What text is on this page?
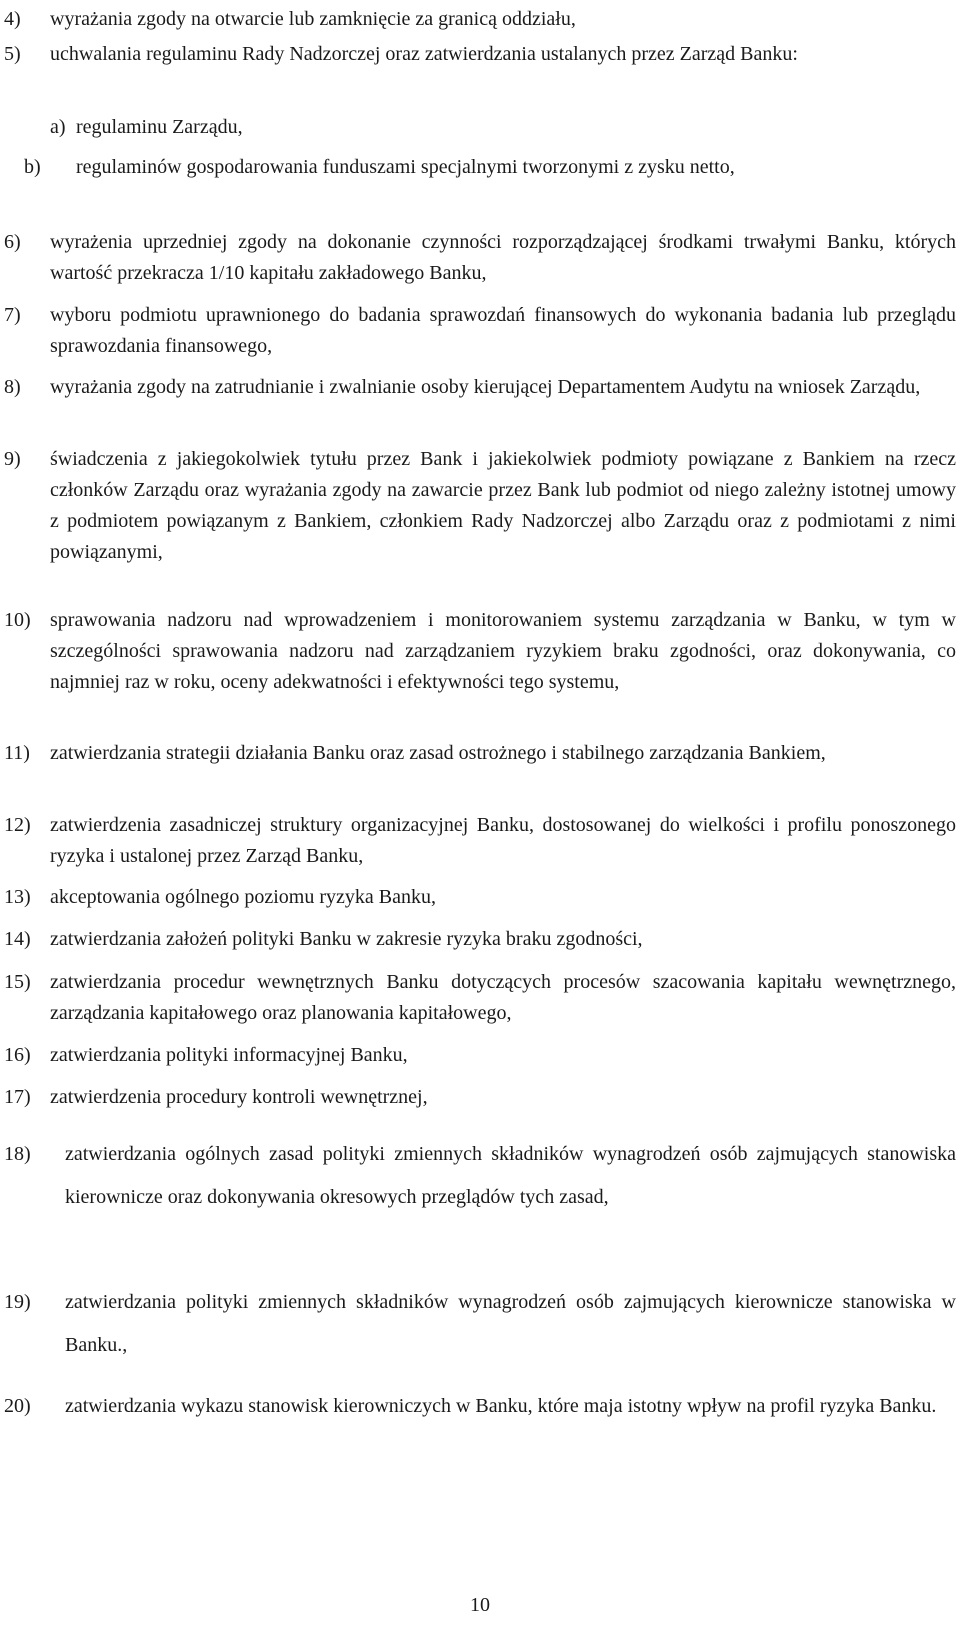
4) wyrażania zgody na otwarcie lub zamknięcie za granicą oddziału,
5) uchwalania regulaminu Rady Nadzorczej oraz zatwierdzania ustalanych przez Zarząd Banku:
a) regulaminu Zarządu,
b) regulaminów gospodarowania funduszami specjalnymi tworzonymi z zysku netto,
6) wyrażenia uprzedniej zgody na dokonanie czynności rozporządzającej środkami trwałymi Banku, których wartość przekracza 1/10 kapitału zakładowego Banku,
7) wyboru podmiotu uprawnionego do badania sprawozdań finansowych do wykonania badania lub przeglądu sprawozdania finansowego,
8) wyrażania zgody na zatrudnianie i zwalnianie osoby kierującej Departamentem Audytu na wniosek Zarządu,
9) świadczenia z jakiegokolwiek tytułu przez Bank i jakiekolwiek podmioty powiązane z Bankiem na rzecz członków Zarządu oraz wyrażania zgody na zawarcie przez Bank lub podmiot od niego zależny istotnej umowy z podmiotem powiązanym z Bankiem, członkiem Rady Nadzorczej albo Zarządu oraz z podmiotami z nimi powiązanymi,
10) sprawowania nadzoru nad wprowadzeniem i monitorowaniem systemu zarządzania w Banku, w tym w szczególności sprawowania nadzoru nad zarządzaniem ryzykiem braku zgodności, oraz dokonywania, co najmniej raz w roku, oceny adekwatności i efektywności tego systemu,
11) zatwierdzania strategii działania Banku oraz zasad ostrożnego i stabilnego zarządzania Bankiem,
12) zatwierdzenia zasadniczej struktury organizacyjnej Banku, dostosowanej do wielkości i profilu ponoszonego ryzyka i ustalonej przez Zarząd Banku,
13) akceptowania ogólnego poziomu ryzyka Banku,
14) zatwierdzania założeń polityki Banku w zakresie ryzyka braku zgodności,
15) zatwierdzania procedur wewnętrznych Banku dotyczących procesów szacowania kapitału wewnętrznego, zarządzania kapitałowego oraz planowania kapitałowego,
16) zatwierdzania polityki informacyjnej Banku,
17) zatwierdzenia procedury kontroli wewnętrznej,
18) zatwierdzania ogólnych zasad polityki zmiennych składników wynagrodzeń osób zajmujących stanowiska kierownicze oraz dokonywania okresowych przeglądów tych zasad,
19) zatwierdzania polityki zmiennych składników wynagrodzeń osób zajmujących kierownicze stanowiska w Banku.,
20) zatwierdzania wykazu stanowisk kierowniczych w Banku, które maja istotny wpływ na profil ryzyka Banku.
10
